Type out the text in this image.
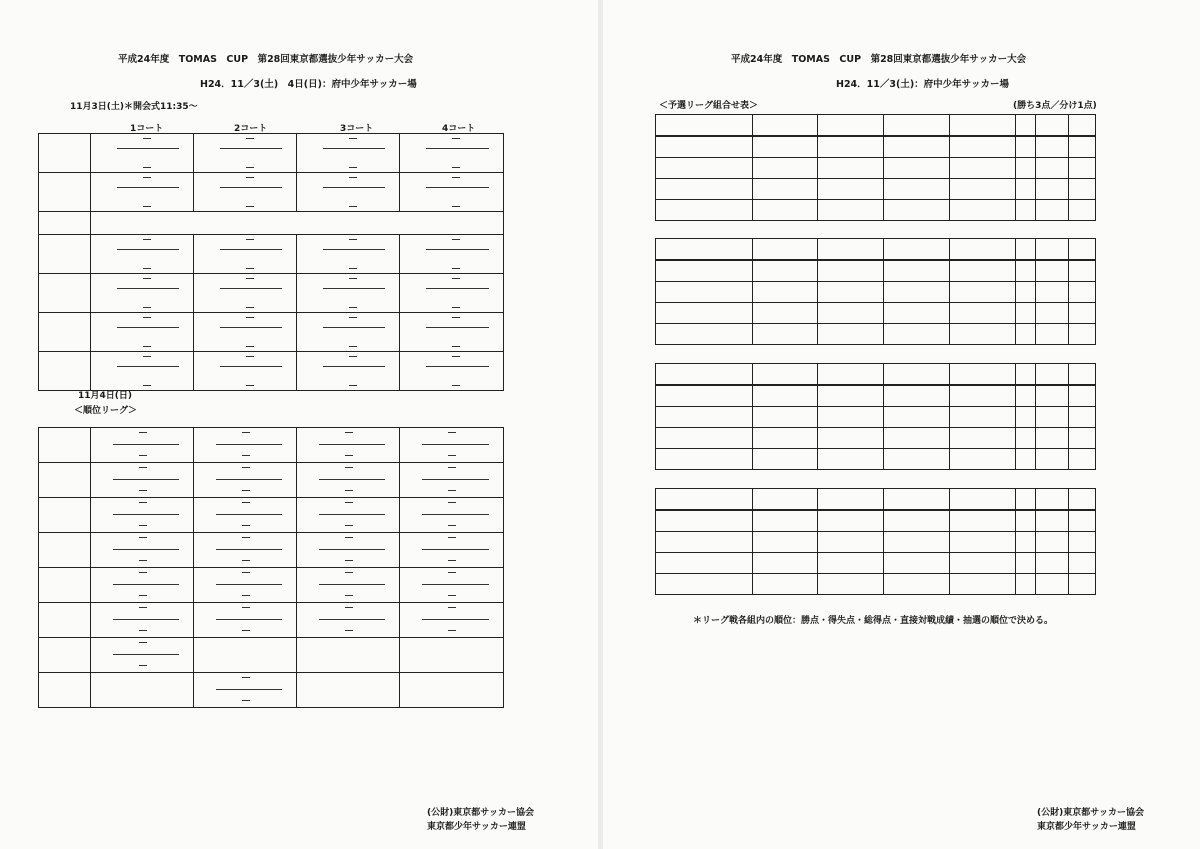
平成24年度　TOMAS　CUP　第28回東京都選抜少年サッカー大会
H24．11／3(土)　4日(日)：府中少年サッカー場
11月3日(土)＊開会式11:35～
1コート	2コート	3コート	4コート

11月4日(日)
＜順位リーグ＞

(公財)東京都サッカー協会
東京都少年サッカー連盟
平成24年度　TOMAS　CUP　第28回東京都選抜少年サッカー大会
H24．11／3(土)：府中少年サッカー場
＜予選リーグ組合せ表＞	(勝ち3点／分け1点)

＊リーグ戦各組内の順位：勝点・得失点・総得点・直接対戦成績・抽選の順位で決める。
(公財)東京都サッカー協会
東京都少年サッカー連盟
